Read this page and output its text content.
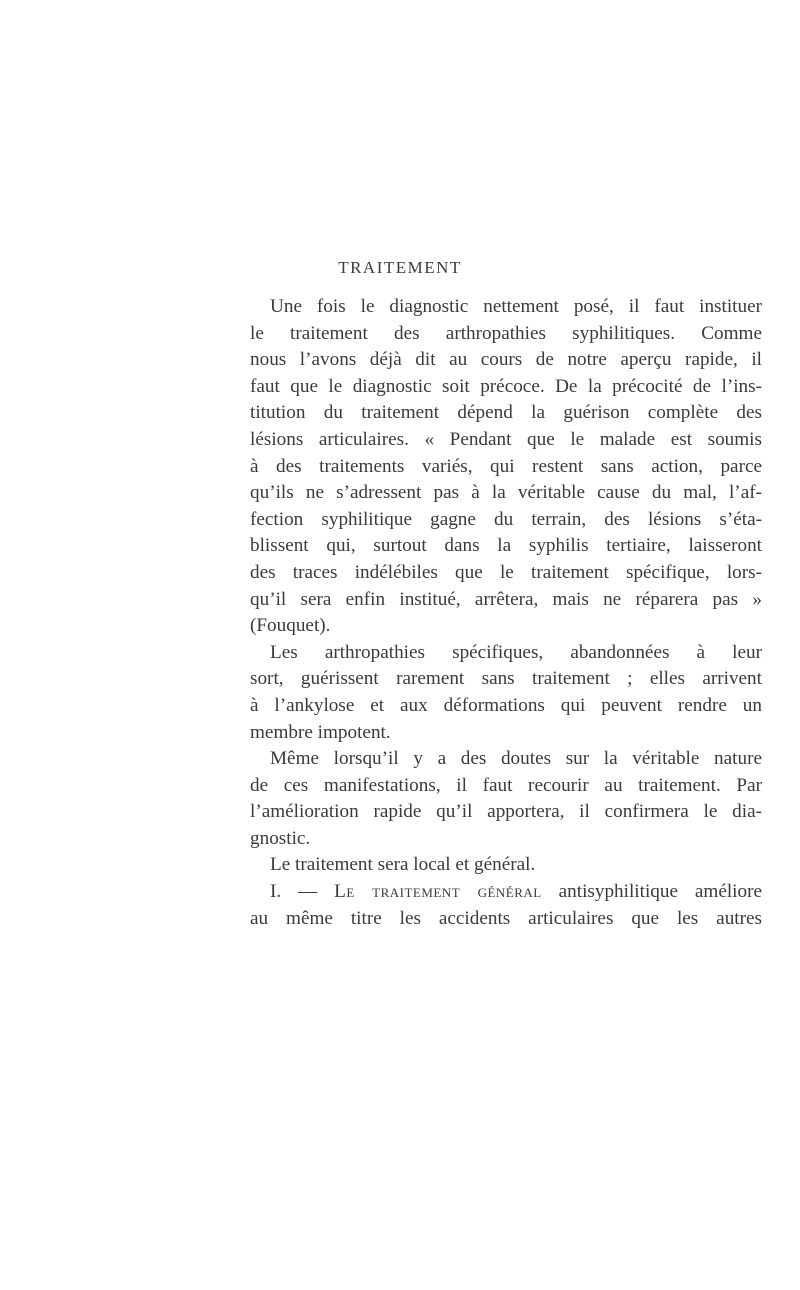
TRAITEMENT
Une fois le diagnostic nettement posé, il faut instituer
le traitement des arthropathies syphilitiques. Comme
nous l’avons déjà dit au cours de notre aperçu rapide, il
faut que le diagnostic soit précoce. De la précocité de l’ins-
titution du traitement dépend la guérison complète des
lésions articulaires. « Pendant que le malade est soumis
à des traitements variés, qui restent sans action, parce
qu’ils ne s’adressent pas à la véritable cause du mal, l’af-
fection syphilitique gagne du terrain, des lésions s’éta-
blissent qui, surtout dans la syphilis tertiaire, laisseront
des traces indélébiles que le traitement spécifique, lors-
qu’il sera enfin institué, arrêtera, mais ne réparera pas »
(Fouquet).
Les arthropathies spécifiques, abandonnées à leur
sort, guérissent rarement sans traitement ; elles arrivent
à l’ankylose et aux déformations qui peuvent rendre un
membre impotent.
Même lorsqu’il y a des doutes sur la véritable nature
de ces manifestations, il faut recourir au traitement. Par
l’amélioration rapide qu’il apportera, il confirmera le dia-
gnostic.
Le traitement sera local et général.
I. — Le traitement général antisyphilitique améliore
au même titre les accidents articulaires que les autres
